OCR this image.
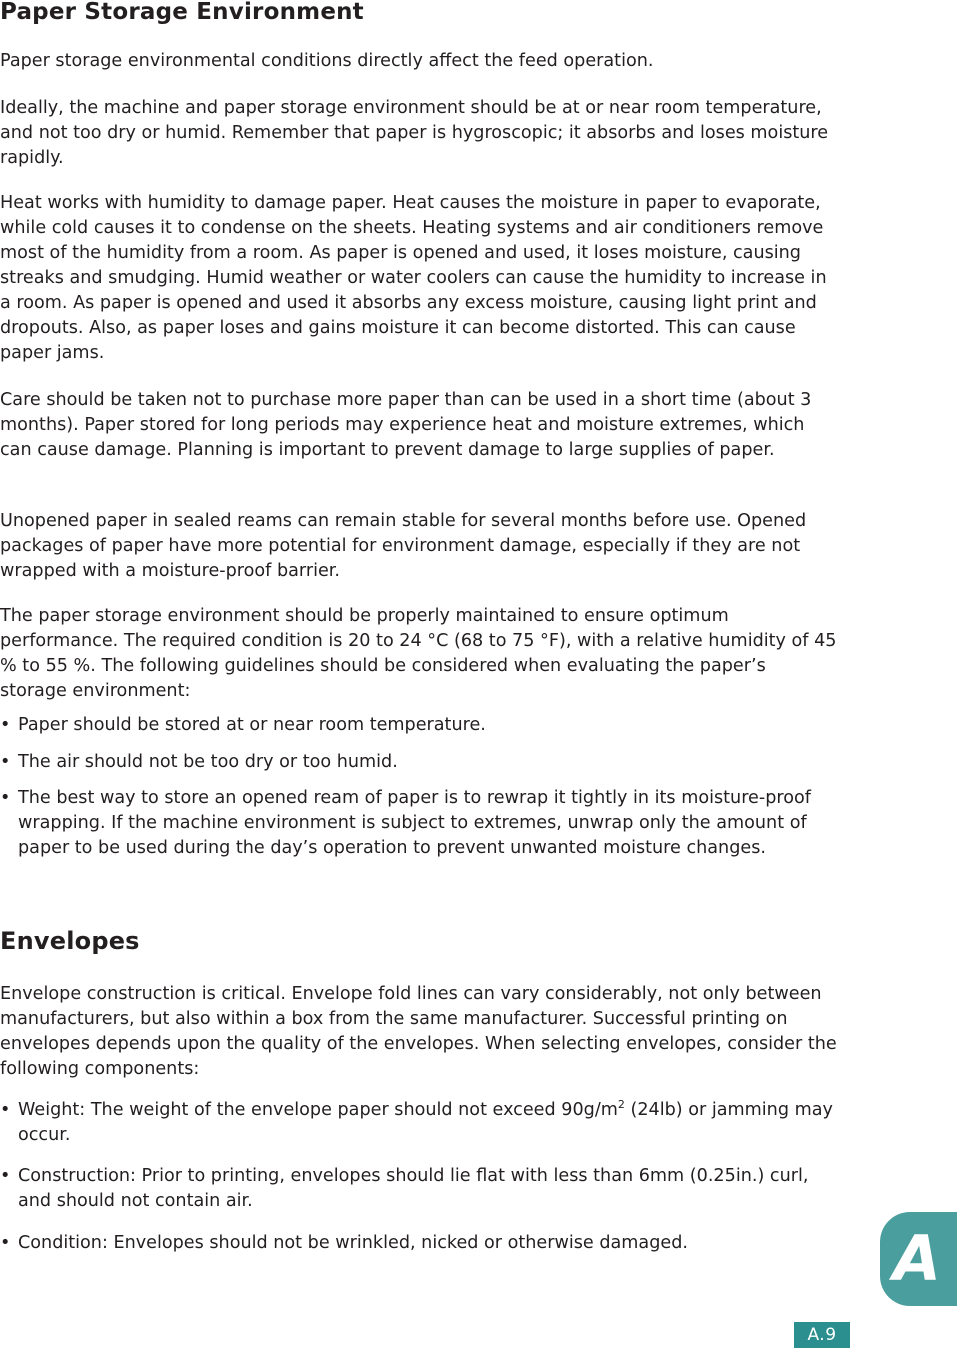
Paper Storage Environment

Paper storage environmental conditions directly affect the feed operation.

Ideally, the machine and paper storage environment should be at or near room temperature, and not too dry or humid. Remember that paper is hygroscopic; it absorbs and loses moisture rapidly.

Heat works with humidity to damage paper. Heat causes the moisture in paper to evaporate, while cold causes it to condense on the sheets. Heating systems and air conditioners remove most of the humidity from a room. As paper is opened and used, it loses moisture, causing streaks and smudging. Humid weather or water coolers can cause the humidity to increase in a room. As paper is opened and used it absorbs any excess moisture, causing light print and dropouts. Also, as paper loses and gains moisture it can become distorted. This can cause paper jams.

Care should be taken not to purchase more paper than can be used in a short time (about 3 months). Paper stored for long periods may experience heat and moisture extremes, which can cause damage. Planning is important to prevent damage to large supplies of paper.

Unopened paper in sealed reams can remain stable for several months before use. Opened packages of paper have more potential for environment damage, especially if they are not wrapped with a moisture-proof barrier.

The paper storage environment should be properly maintained to ensure optimum performance. The required condition is 20 to 24 °C (68 to 75 °F), with a relative humidity of 45 % to 55 %. The following guidelines should be considered when evaluating the paper’s storage environment:

• Paper should be stored at or near room temperature.
• The air should not be too dry or too humid.
• The best way to store an opened ream of paper is to rewrap it tightly in its moisture-proof wrapping. If the machine environment is subject to extremes, unwrap only the amount of paper to be used during the day’s operation to prevent unwanted moisture changes.
Envelopes

Envelope construction is critical. Envelope fold lines can vary considerably, not only between manufacturers, but also within a box from the same manufacturer. Successful printing on envelopes depends upon the quality of the envelopes. When selecting envelopes, consider the following components:

• Weight: The weight of the envelope paper should not exceed $90g/m^2$ (24lb) or jamming may occur.
• Construction: Prior to printing, envelopes should lie flat with less than 6mm (0.25in.) curl, and should not contain air.
• Condition: Envelopes should not be wrinkled, nicked or otherwise damaged.	A
A.9
